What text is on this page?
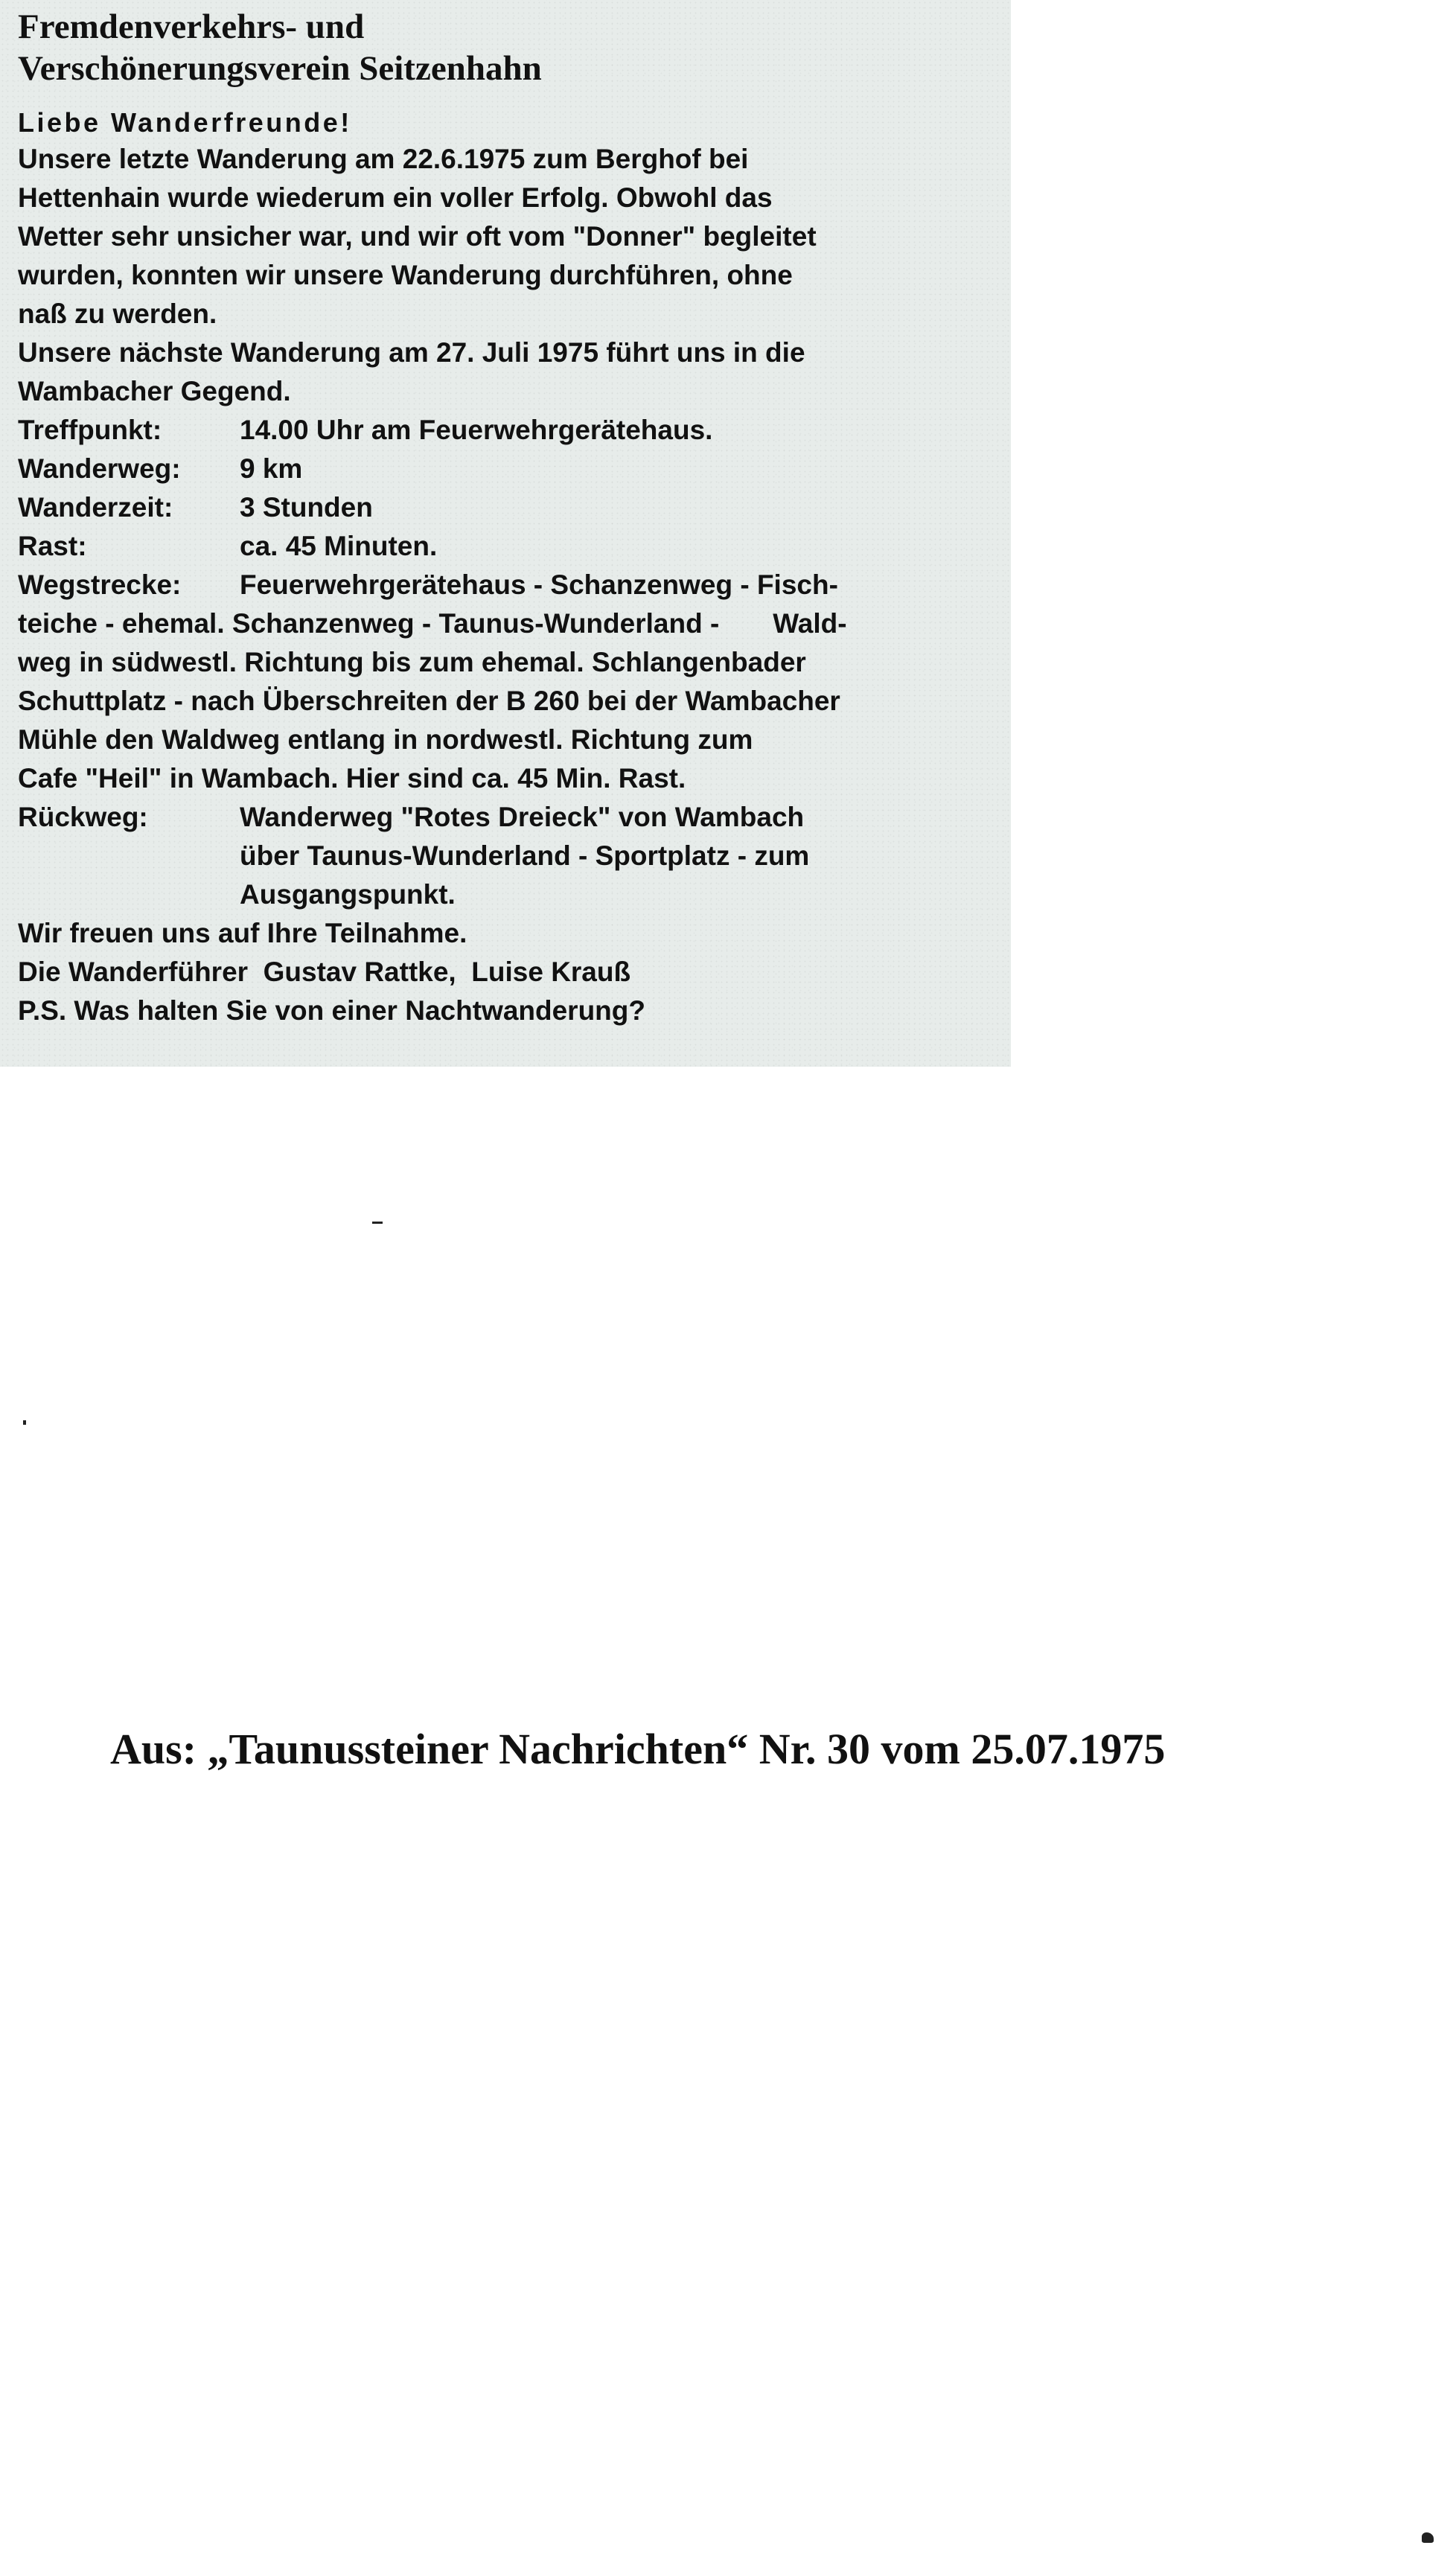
Fremdenverkehrs- und
Verschönerungsverein Seitzenhahn
Liebe Wanderfreunde!
Unsere letzte Wanderung am 22.6.1975 zum Berghof bei
Hettenhain wurde wiederum ein voller Erfolg. Obwohl das
Wetter sehr unsicher war, und wir oft vom "Donner" begleitet
wurden, konnten wir unsere Wanderung durchführen, ohne
naß zu werden.
Unsere nächste Wanderung am 27. Juli 1975 führt uns in die
Wambacher Gegend.
Treffpunkt:	14.00 Uhr am Feuerwehrgerätehaus.
Wanderweg: 9 km
Wanderzeit: 3 Stunden
Rast:	ca. 45 Minuten.
Wegstrecke: Feuerwehrgerätehaus - Schanzenweg - Fisch-
teiche - ehemal. Schanzenweg - Taunus-Wunderland -       Wald-
weg in südwestl. Richtung bis zum ehemal. Schlangenbader
Schuttplatz - nach Überschreiten der B 260 bei der Wambacher
Mühle den Waldweg entlang in nordwestl. Richtung zum
Cafe "Heil" in Wambach. Hier sind ca. 45 Min. Rast.
Rückweg:	Wanderweg "Rotes Dreieck" von Wambach
über Taunus-Wunderland - Sportplatz - zum
Ausgangspunkt.
Wir freuen uns auf Ihre Teilnahme.
Die Wanderführer  Gustav Rattke,  Luise Krauß
P.S. Was halten Sie von einer Nachtwanderung?

Aus: „Taunussteiner Nachrichten“ Nr. 30 vom 25.07.1975
